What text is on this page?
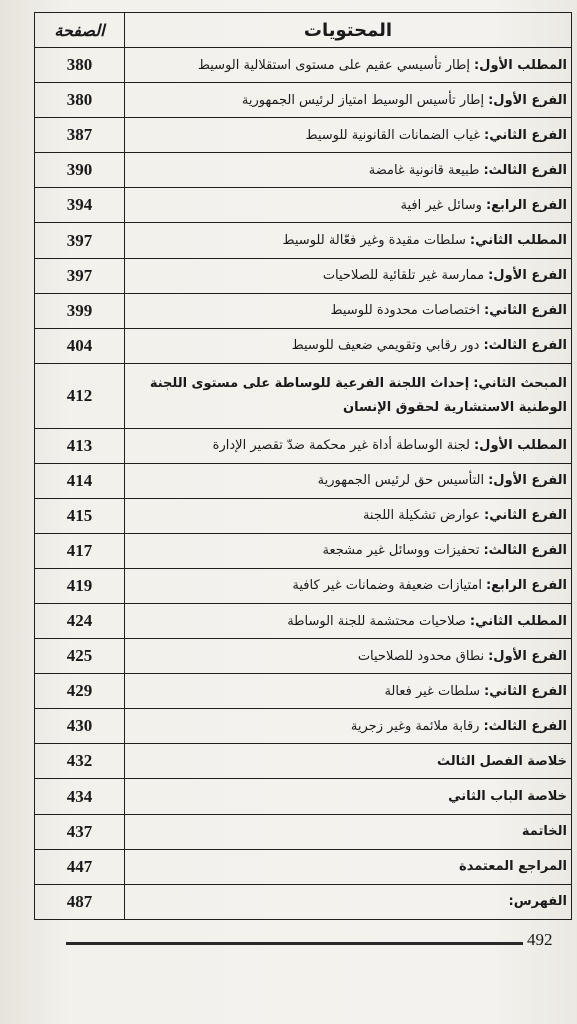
المحتويات	الصفحة
المطلب الأول:إطار تأسيسي عقيم على مستوى استقلالية الوسيط	380
الفرع الأول:إطار تأسيس الوسيط امتياز لرئيس الجمهورية	380
الفرع الثاني:غياب الضمانات القانونية للوسيط	387
الفرع الثالث:طبيعة قانونية غامضة	390
الفرع الرابع:وسائل غير افية	394
المطلب الثاني:سلطات مقيدة وغير فعّالة للوسيط	397
الفرع الأول:ممارسة غير تلقائية للصلاحيات	397
الفرع الثاني:اختصاصات محدودة للوسيط	399
الفرع الثالث:دور رقابي وتقويمي ضعيف للوسيط	404
المبحث الثاني:إحداث اللجنة الفرعية للوساطة على مستوى اللجنة الوطنية الاستشارية لحقوق الإنسان	412
المطلب الأول:لجنة الوساطة أداة غير محكمة ضدّ تقصير الإدارة	413
الفرع الأول:التأسيس حق لرئيس الجمهورية	414
الفرع الثاني:عوارض تشكيلة اللجنة	415
الفرع الثالث:تحفيزات ووسائل غير مشجعة	417
الفرع الرابع:امتيازات ضعيفة وضمانات غير كافية	419
المطلب الثاني:صلاحيات محتشمة للجنة الوساطة	424
الفرع الأول:نطاق محدود للصلاحيات	425
الفرع الثاني:سلطات غير فعالة	429
الفرع الثالث:رقابة ملائمة وغير زجرية	430
خلاصة الفصل الثالث	432
خلاصة الباب الثاني	434
الخاتمة	437
المراجع المعتمدة	447
الفهرس:	487
492
